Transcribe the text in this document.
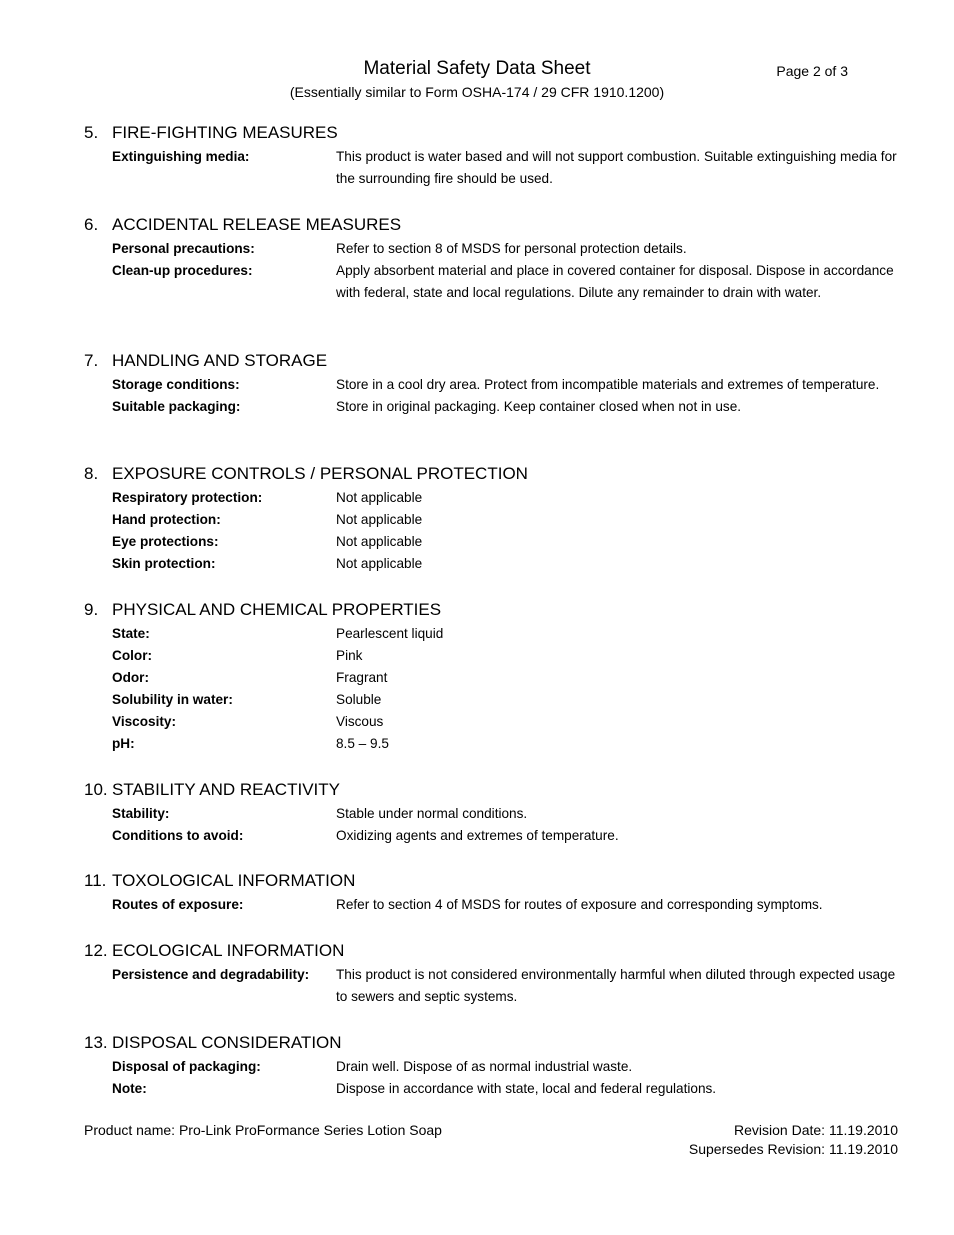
Material Safety Data Sheet	Page 2 of 3
(Essentially similar to Form OSHA-174 / 29 CFR 1910.1200)
5. FIRE-FIGHTING MEASURES
Extinguishing media:	This product is water based and will not support combustion. Suitable extinguishing media for the surrounding fire should be used.
6. ACCIDENTAL RELEASE MEASURES
Personal precautions:	Refer to section 8 of MSDS for personal protection details.
Clean-up procedures:	Apply absorbent material and place in covered container for disposal. Dispose in accordance with federal, state and local regulations. Dilute any remainder to drain with water.
7. HANDLING AND STORAGE
Storage conditions:	Store in a cool dry area. Protect from incompatible materials and extremes of temperature.
Suitable packaging:	Store in original packaging. Keep container closed when not in use.
8. EXPOSURE CONTROLS / PERSONAL PROTECTION
Respiratory protection:	Not applicable
Hand protection:	Not applicable
Eye protections:	Not applicable
Skin protection:	Not applicable
9. PHYSICAL AND CHEMICAL PROPERTIES
State:	Pearlescent liquid
Color:	Pink
Odor:	Fragrant
Solubility in water:	Soluble
Viscosity:	Viscous
pH:	8.5 – 9.5
10. STABILITY AND REACTIVITY
Stability:	Stable under normal conditions.
Conditions to avoid:	Oxidizing agents and extremes of temperature.
11. TOXOLOGICAL INFORMATION
Routes of exposure:	Refer to section 4 of MSDS for routes of exposure and corresponding symptoms.
12. ECOLOGICAL INFORMATION
Persistence and degradability:	This product is not considered environmentally harmful when diluted through expected usage to sewers and septic systems.
13. DISPOSAL CONSIDERATION
Disposal of packaging:	Drain well. Dispose of as normal industrial waste.
Note:	Dispose in accordance with state, local and federal regulations.
Product name: Pro-Link ProFormance Series Lotion Soap	Revision Date: 11.19.2010
Supersedes Revision: 11.19.2010
